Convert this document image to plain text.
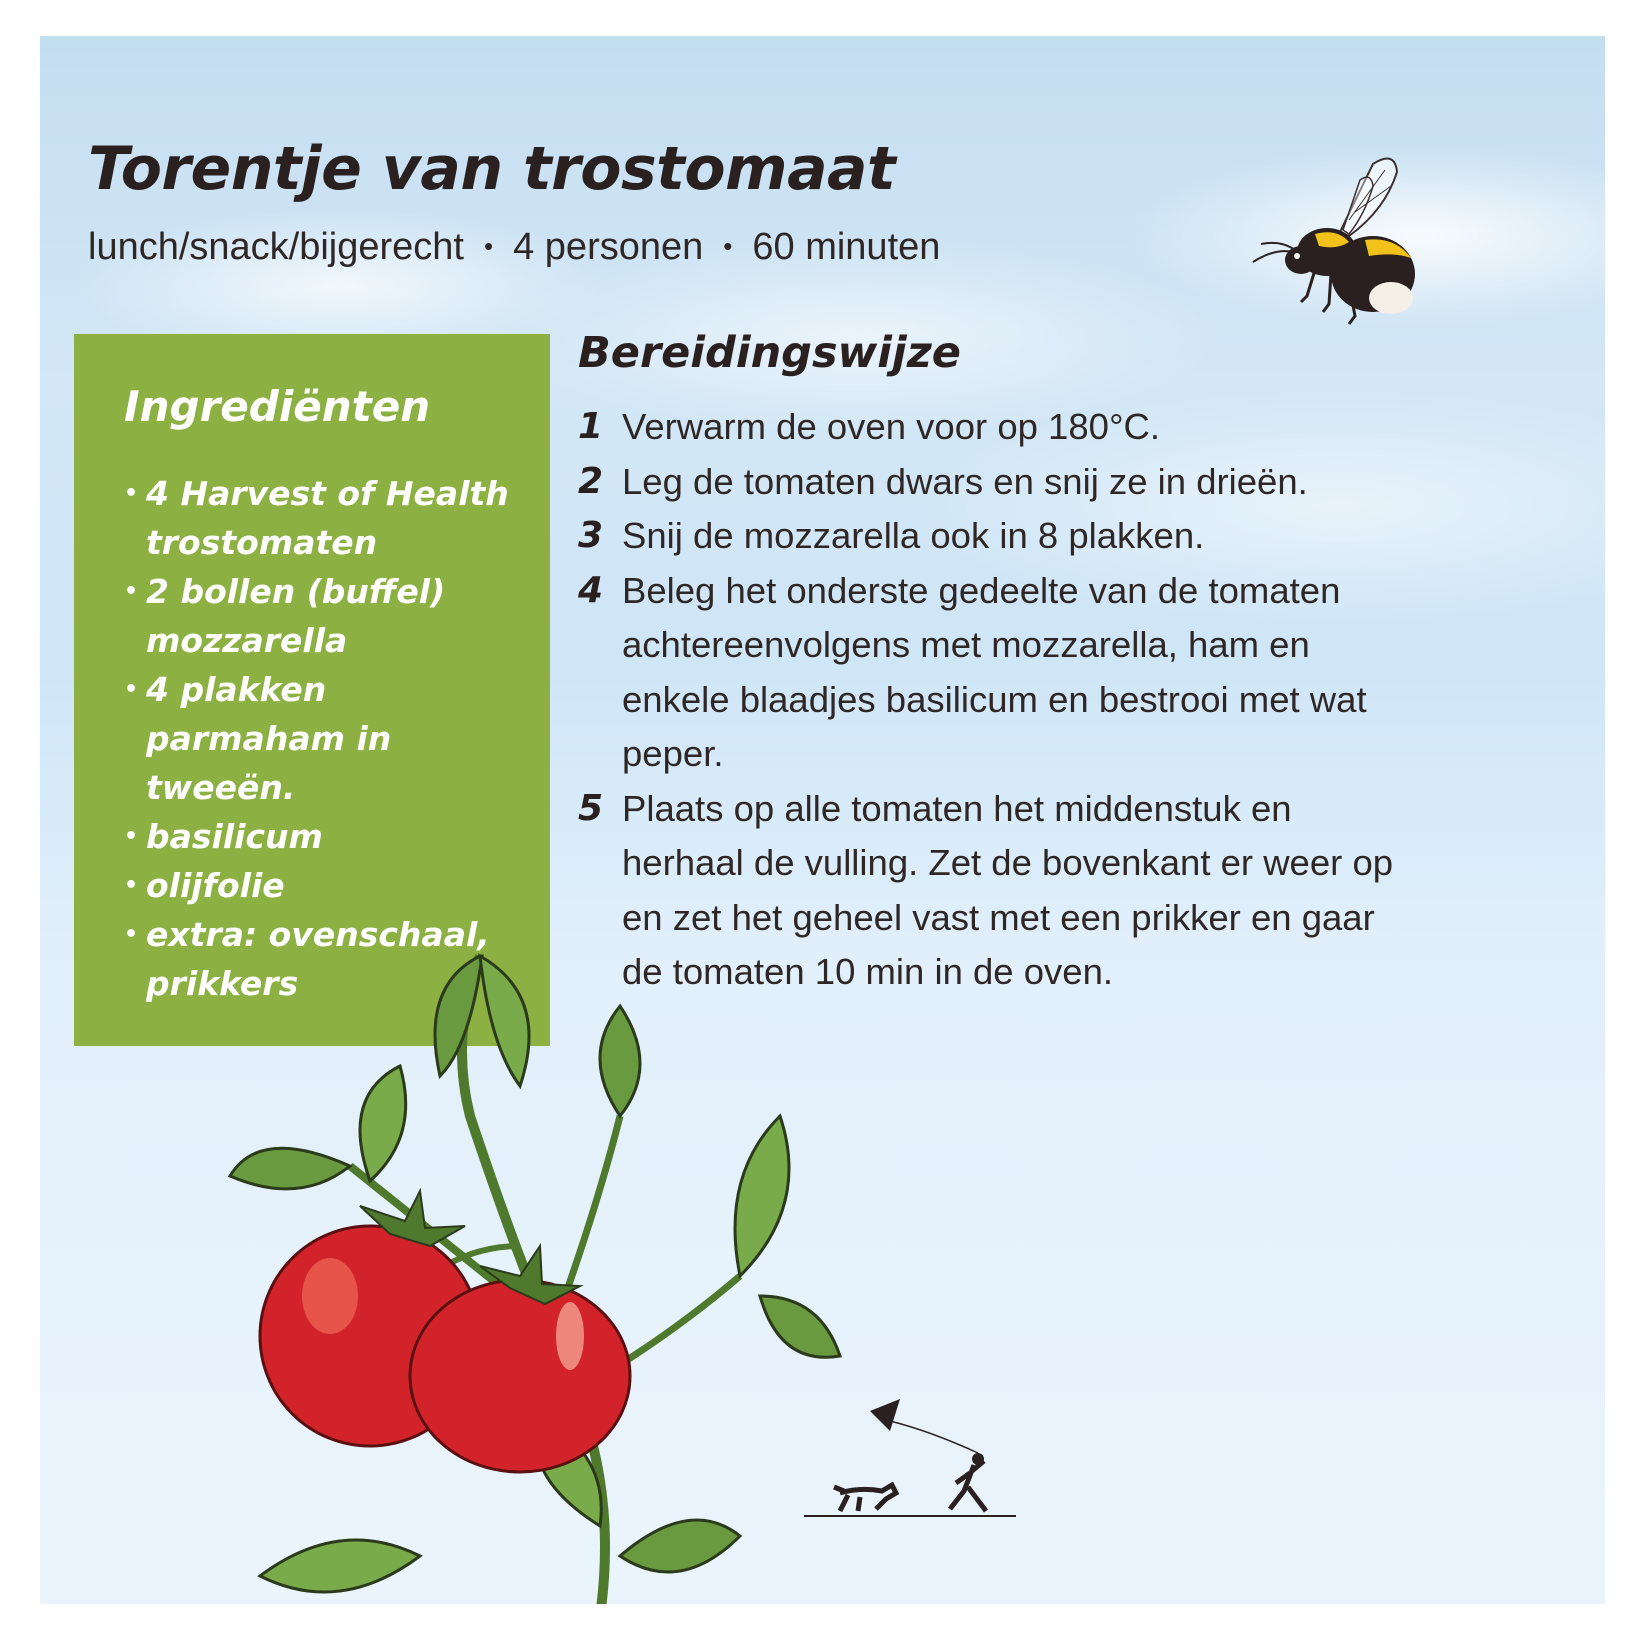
Torentje van trostomaat

lunch/snack/bijgerecht • 4 personen • 60 minuten

Ingrediënten
• 4 Harvest of Health trostomaten
• 2 bollen (buffel) mozzarella
• 4 plakken parmaham in tweeën.
• basilicum
• olijfolie
• extra: ovenschaal, prikkers
Bereidingswijze
1 Verwarm de oven voor op 180°C.
2 Leg de tomaten dwars en snij ze in drieën.
3 Snij de mozzarella ook in 8 plakken.
4 Beleg het onderste gedeelte van de tomaten achtereenvolgens met mozzarella, ham en enkele blaadjes basilicum en bestrooi met wat peper.
5 Plaats op alle tomaten het middenstuk en herhaal de vulling. Zet de bovenkant er weer op en zet het geheel vast met een prikker en gaar de tomaten 10 min in de oven.
